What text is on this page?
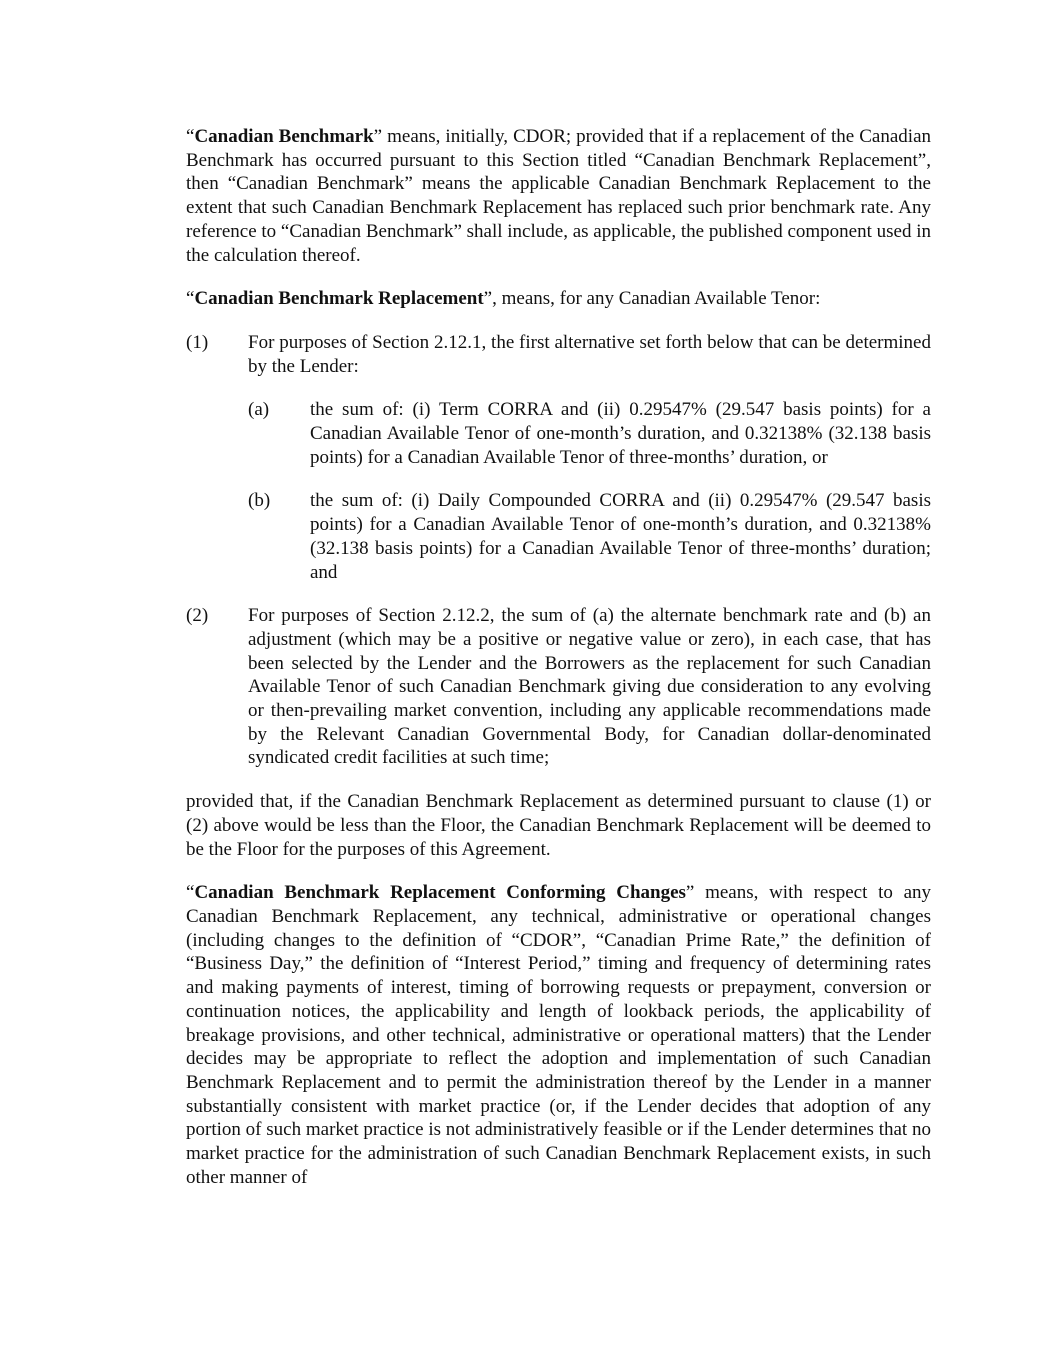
“Canadian Benchmark” means, initially, CDOR; provided that if a replacement of the Canadian Benchmark has occurred pursuant to this Section titled “Canadian Benchmark Replacement”, then “Canadian Benchmark” means the applicable Canadian Benchmark Replacement to the extent that such Canadian Benchmark Replacement has replaced such prior benchmark rate. Any reference to “Canadian Benchmark” shall include, as applicable, the published component used in the calculation thereof.

“Canadian Benchmark Replacement”, means, for any Canadian Available Tenor:

(1)	For purposes of Section 2.12.1, the first alternative set forth below that can be determined by the Lender:
(a)	the sum of: (i) Term CORRA and (ii) 0.29547% (29.547 basis points) for a Canadian Available Tenor of one-month’s duration, and 0.32138% (32.138 basis points) for a Canadian Available Tenor of three-months’ duration, or
(b)	the sum of: (i) Daily Compounded CORRA and (ii) 0.29547% (29.547 basis points) for a Canadian Available Tenor of one-month’s duration, and 0.32138% (32.138 basis points) for a Canadian Available Tenor of three-months’ duration; and
(2)	For purposes of Section 2.12.2, the sum of (a) the alternate benchmark rate and (b) an adjustment (which may be a positive or negative value or zero), in each case, that has been selected by the Lender and the Borrowers as the replacement for such Canadian Available Tenor of such Canadian Benchmark giving due consideration to any evolving or then-prevailing market convention, including any applicable recommendations made by the Relevant Canadian Governmental Body, for Canadian dollar-denominated syndicated credit facilities at such time;

provided that, if the Canadian Benchmark Replacement as determined pursuant to clause (1) or (2) above would be less than the Floor, the Canadian Benchmark Replacement will be deemed to be the Floor for the purposes of this Agreement.

“Canadian Benchmark Replacement Conforming Changes” means, with respect to any Canadian Benchmark Replacement, any technical, administrative or operational changes (including changes to the definition of “CDOR”, “Canadian Prime Rate,” the definition of “Business Day,” the definition of “Interest Period,” timing and frequency of determining rates and making payments of interest, timing of borrowing requests or prepayment, conversion or continuation notices, the applicability and length of lookback periods, the applicability of breakage provisions, and other technical, administrative or operational matters) that the Lender decides may be appropriate to reflect the adoption and implementation of such Canadian Benchmark Replacement and to permit the administration thereof by the Lender in a manner substantially consistent with market practice (or, if the Lender decides that adoption of any portion of such market practice is not administratively feasible or if the Lender determines that no market practice for the administration of such Canadian Benchmark Replacement exists, in such other manner of
